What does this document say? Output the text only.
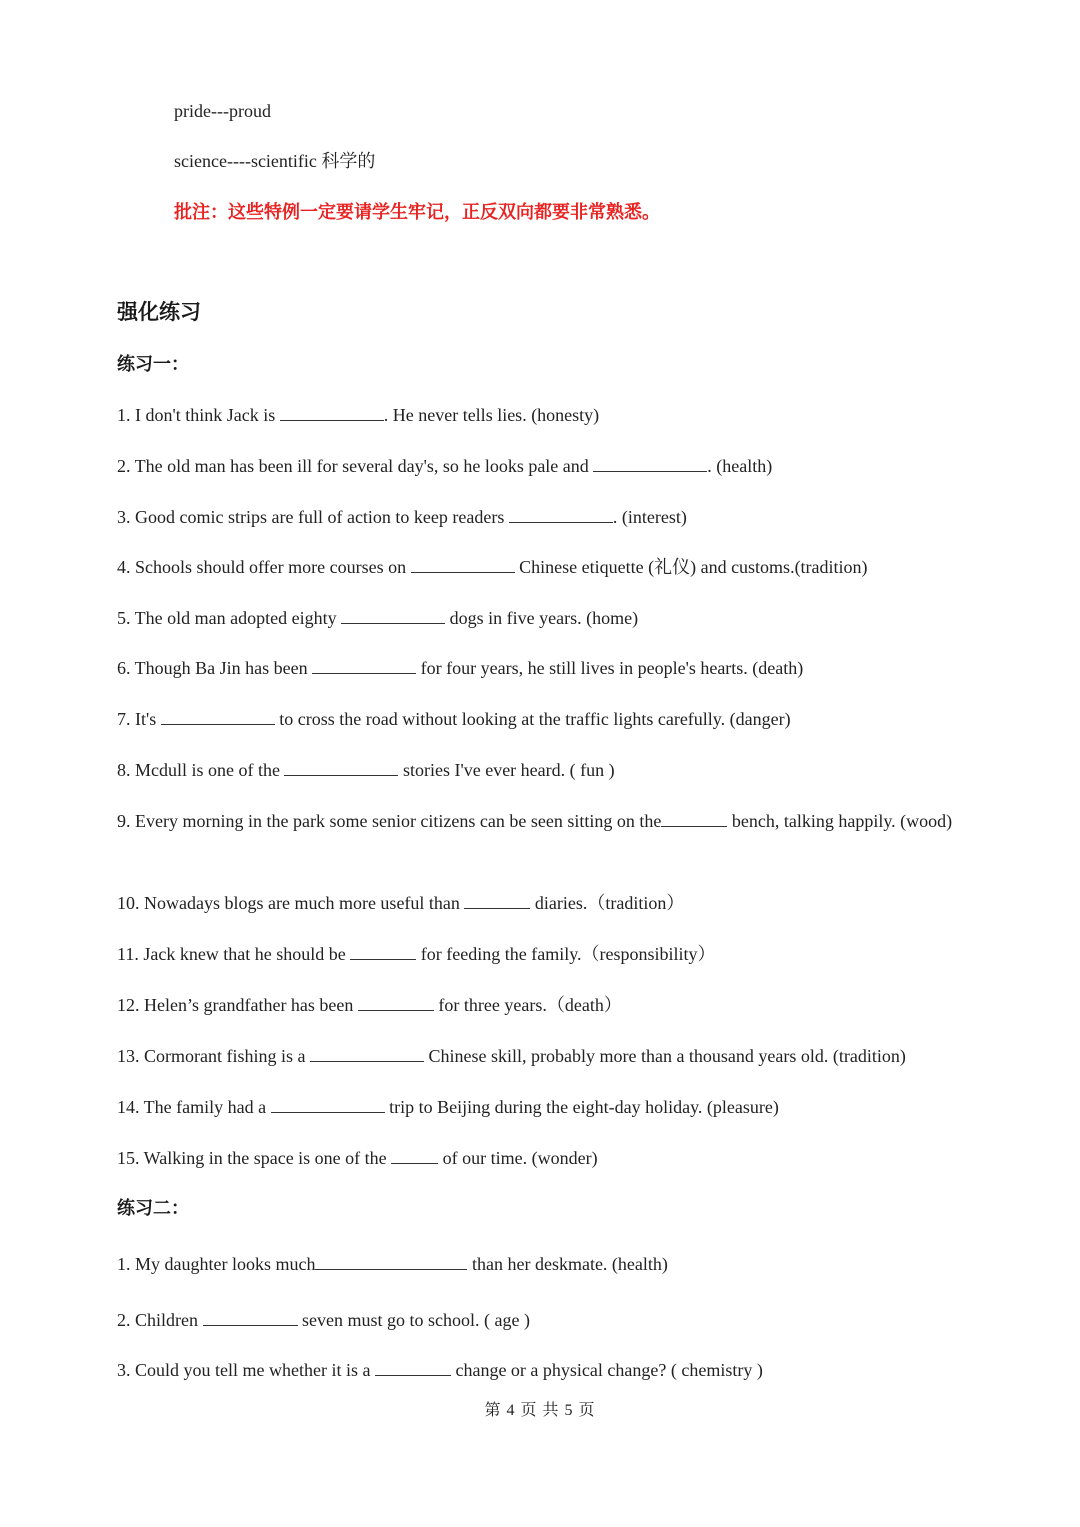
pride---proud
science----scientific 科学的
批注：这些特例一定要请学生牢记，正反双向都要非常熟悉。
强化练习
练习一：
1. I don't think Jack is	. He never tells lies. (honesty)
2. The old man has been ill for several day's, so he looks pale and	. (health)
3. Good comic strips are full of action to keep readers	. (interest)
4. Schools should offer more courses on	Chinese etiquette (礼仪) and customs.(tradition)
5. The old man adopted eighty	dogs in five years. (home)
6. Though Ba Jin has been	for four years, he still lives in people's hearts. (death)
7. It's	to cross the road without looking at the traffic lights carefully. (danger)
8. Mcdull is one of the	stories I've ever heard. ( fun )
9. Every morning in the park some senior citizens can be seen sitting on the	bench, talking happily. (wood)
10. Nowadays blogs are much more useful than	diaries.（tradition）
11. Jack knew that he should be	for feeding the family.（responsibility）
12. Helen’s grandfather has been	for three years.（death）
13. Cormorant fishing is a	Chinese skill, probably more than a thousand years old. (tradition)
14. The family had a	trip to Beijing during the eight-day holiday. (pleasure)
15. Walking in the space is one of the	of our time. (wonder)
练习二：
1. My daughter looks much	than her deskmate. (health)
2. Children	seven must go to school. ( age )
3. Could you tell me whether it is a	change or a physical change? ( chemistry )
第 4 页 共 5 页
